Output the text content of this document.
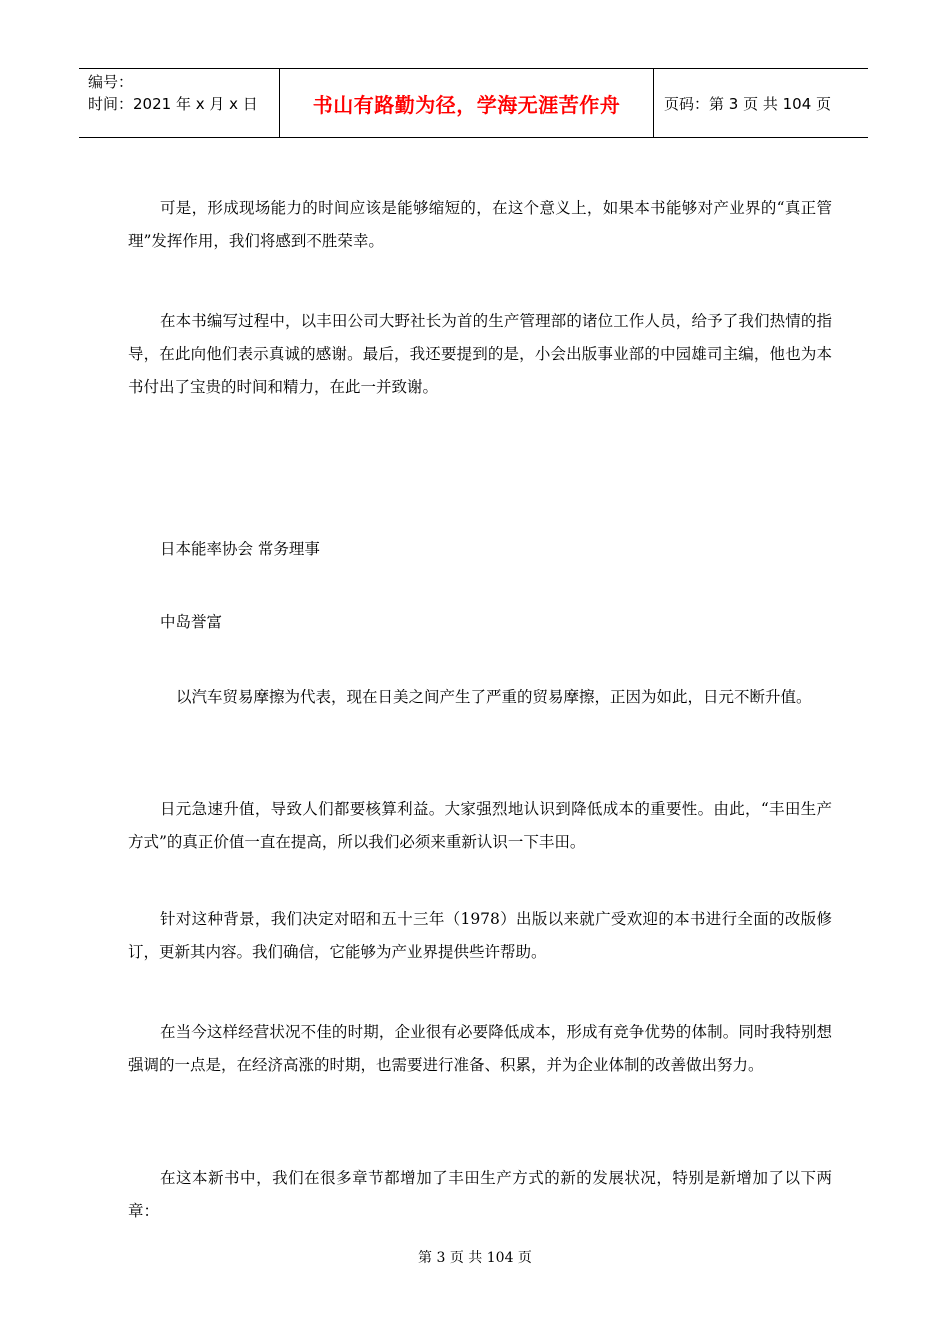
编号：
时间：2021 年 x 月 x 日	书山有路勤为径，学海无涯苦作舟	页码：第 3 页 共 104 页

可是，形成现场能力的时间应该是能够缩短的，在这个意义上，如果本书能够对产业界的“真正管理”发挥作用，我们将感到不胜荣幸。

在本书编写过程中，以丰田公司大野社长为首的生产管理部的诸位工作人员，给予了我们热情的指导，在此向他们表示真诚的感谢。最后，我还要提到的是，小会出版事业部的中园雄司主编，他也为本书付出了宝贵的时间和精力，在此一并致谢。

日本能率协会 常务理事
中岛誉富

以汽车贸易摩擦为代表，现在日美之间产生了严重的贸易摩擦，正因为如此，日元不断升值。

日元急速升值，导致人们都要核算利益。大家强烈地认识到降低成本的重要性。由此，“丰田生产方式”的真正价值一直在提高，所以我们必须来重新认识一下丰田。

针对这种背景，我们决定对昭和五十三年（1978）出版以来就广受欢迎的本书进行全面的改版修订，更新其内容。我们确信，它能够为产业界提供些许帮助。

在当今这样经营状况不佳的时期，企业很有必要降低成本，形成有竞争优势的体制。同时我特别想强调的一点是，在经济高涨的时期，也需要进行准备、积累，并为企业体制的改善做出努力。

在这本新书中，我们在很多章节都增加了丰田生产方式的新的发展状况，特别是新增加了以下两章：

第 3 页 共 104 页
